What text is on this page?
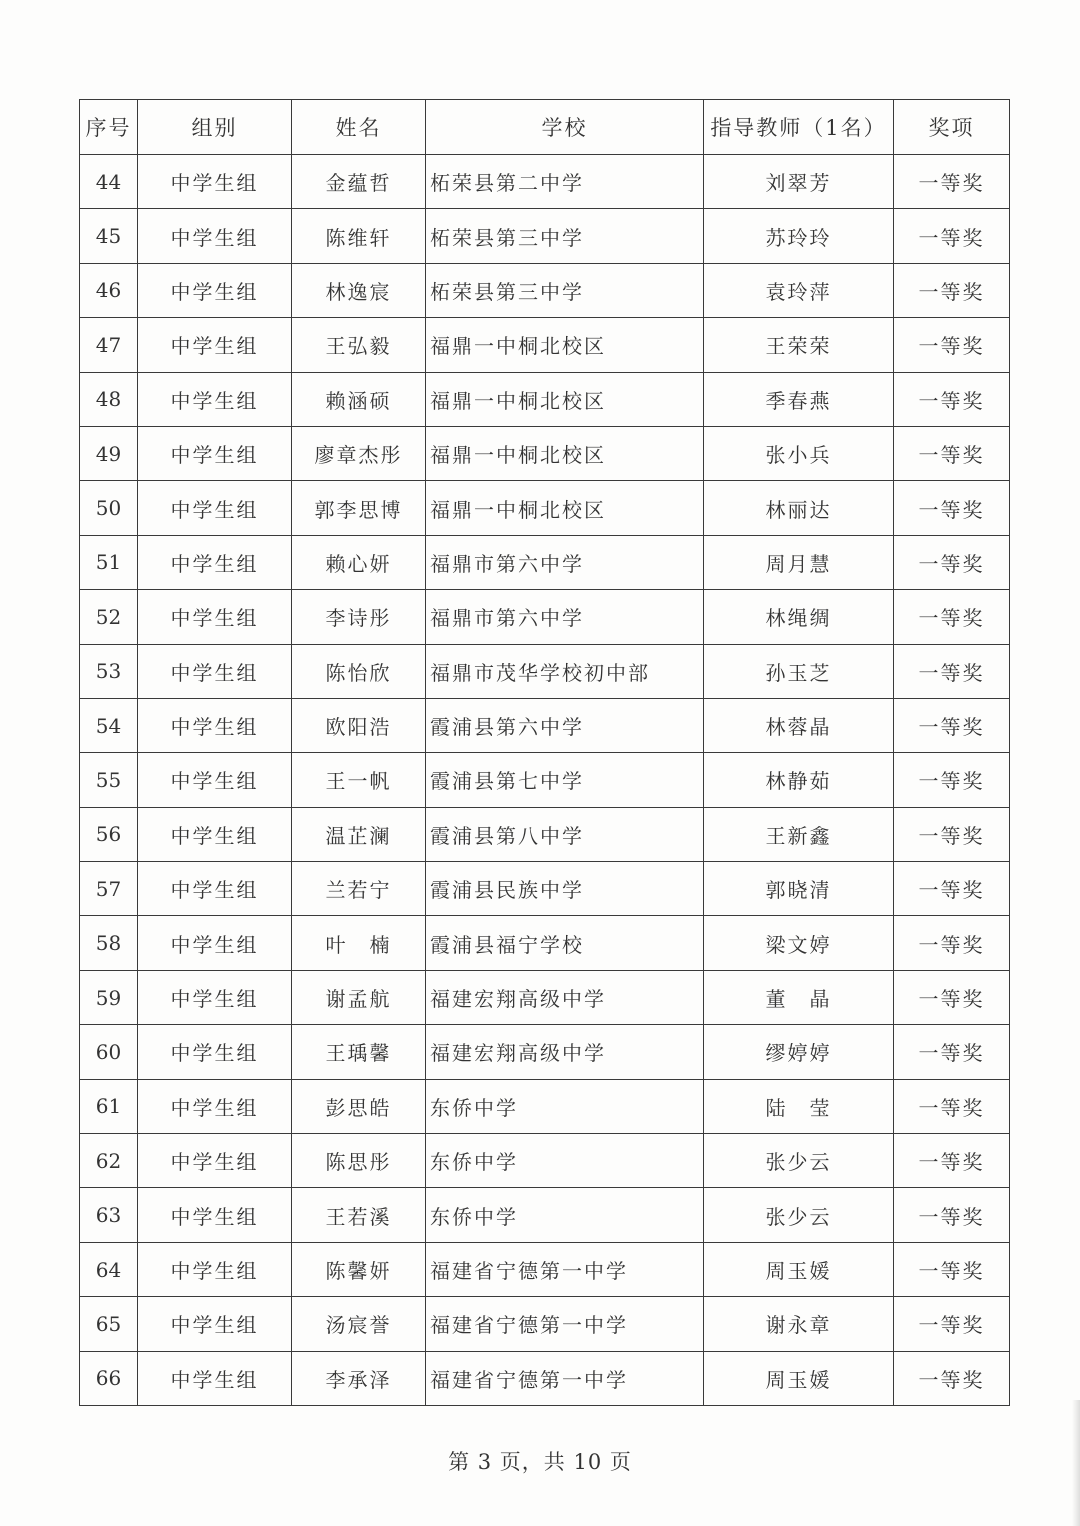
序号	组别	姓名	学校	指导教师（1名）	奖项
44	中学生组	金蕴哲	柘荣县第二中学	刘翠芳	一等奖
45	中学生组	陈维轩	柘荣县第三中学	苏玲玲	一等奖
46	中学生组	林逸宸	柘荣县第三中学	袁玲萍	一等奖
47	中学生组	王弘毅	福鼎一中桐北校区	王荣荣	一等奖
48	中学生组	赖涵硕	福鼎一中桐北校区	季春燕	一等奖
49	中学生组	廖章杰彤	福鼎一中桐北校区	张小兵	一等奖
50	中学生组	郭李思博	福鼎一中桐北校区	林丽达	一等奖
51	中学生组	赖心妍	福鼎市第六中学	周月慧	一等奖
52	中学生组	李诗彤	福鼎市第六中学	林绳绸	一等奖
53	中学生组	陈怡欣	福鼎市茂华学校初中部	孙玉芝	一等奖
54	中学生组	欧阳浩	霞浦县第六中学	林蓉晶	一等奖
55	中学生组	王一帆	霞浦县第七中学	林静茹	一等奖
56	中学生组	温芷澜	霞浦县第八中学	王新鑫	一等奖
57	中学生组	兰若宁	霞浦县民族中学	郭晓清	一等奖
58	中学生组	叶　楠	霞浦县福宁学校	梁文婷	一等奖
59	中学生组	谢孟航	福建宏翔高级中学	董　晶	一等奖
60	中学生组	王瑀馨	福建宏翔高级中学	缪婷婷	一等奖
61	中学生组	彭思皓	东侨中学	陆　莹	一等奖
62	中学生组	陈思彤	东侨中学	张少云	一等奖
63	中学生组	王若溪	东侨中学	张少云	一等奖
64	中学生组	陈馨妍	福建省宁德第一中学	周玉媛	一等奖
65	中学生组	汤宸誉	福建省宁德第一中学	谢永章	一等奖
66	中学生组	李承泽	福建省宁德第一中学	周玉媛	一等奖
第 3 页，共 10 页
